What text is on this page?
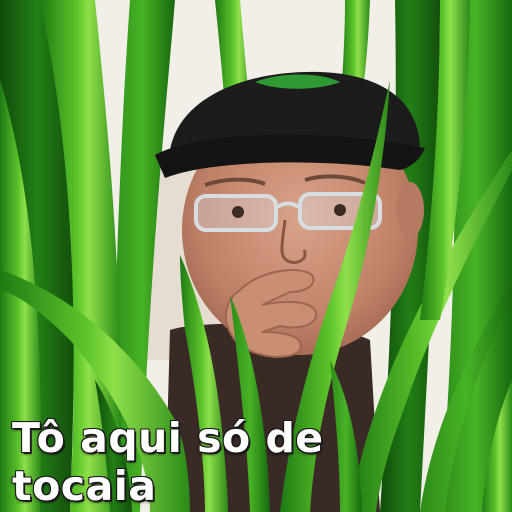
Tô aqui só de
tocaia
